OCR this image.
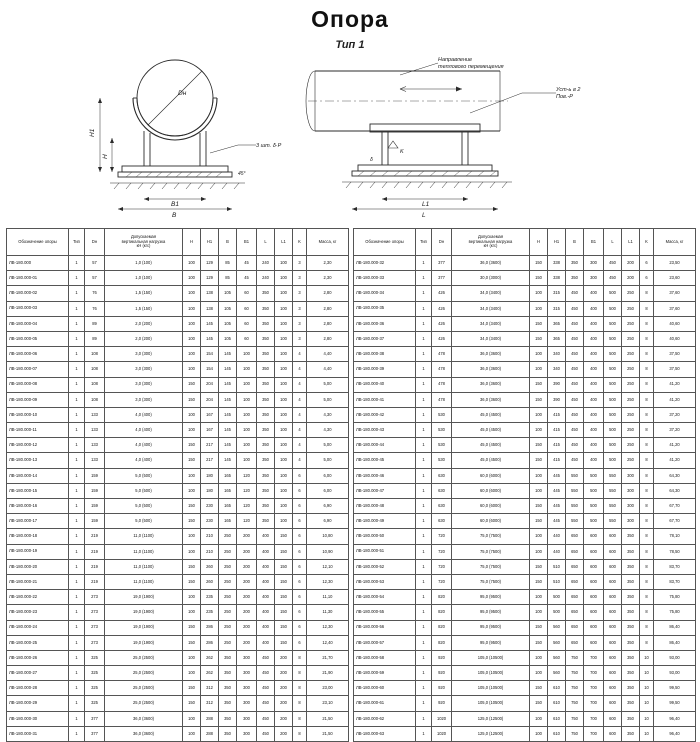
Опора
Тип 1
Dн
H1
H
B1
B
L1
L
K
3 шт. δ·Р
Направление
теплового перемещения
Уст-ь в 2
Пов.-Р
45°
δ
Обозначение опоры	Тип	Dн	Допускаемая
вертикальная нагрузка
кН (кгс)	H	H1	B	B1	L	L1	K	Масса, кг
ЛВ-180.000	1	57	1,0 (100)	100	129	85	45	240	100	3	2,30
ЛВ-180.000-01	1	57	1,0 (100)	100	129	85	45	240	100	3	2,30
ЛВ-180.000-02	1	76	1,5 (150)	100	138	105	60	350	100	3	2,80
ЛВ-180.000-03	1	76	1,5 (150)	100	138	105	60	350	100	3	2,80
ЛВ-180.000-04	1	89	2,0 (200)	100	145	105	60	350	100	3	2,80
ЛВ-180.000-05	1	89	2,0 (200)	100	145	105	60	350	100	3	2,80
ЛВ-180.000-06	1	108	3,0 (300)	100	154	145	100	350	100	4	4,40
ЛВ-180.000-07	1	108	3,0 (300)	100	154	145	100	350	100	4	4,40
ЛВ-180.000-08	1	108	3,0 (300)	150	204	145	100	350	100	4	5,00
ЛВ-180.000-09	1	108	3,0 (300)	150	204	145	100	350	100	4	5,00
ЛВ-180.000-10	1	133	4,0 (400)	100	167	145	100	350	100	4	4,30
ЛВ-180.000-11	1	133	4,0 (400)	100	167	145	100	350	100	4	4,30
ЛВ-180.000-12	1	133	4,0 (400)	150	217	145	100	350	100	4	5,00
ЛВ-180.000-13	1	133	4,0 (400)	150	217	145	100	350	100	4	5,00
ЛВ-180.000-14	1	159	5,0 (500)	100	180	165	120	350	100	6	6,00
ЛВ-180.000-15	1	159	5,0 (500)	100	180	165	120	350	100	6	6,00
ЛВ-180.000-16	1	159	5,0 (500)	150	230	165	120	350	100	6	6,90
ЛВ-180.000-17	1	159	5,0 (500)	150	230	165	120	350	100	6	6,90
ЛВ-180.000-18	1	219	11,0 (1100)	100	210	250	200	400	150	6	10,80
ЛВ-180.000-19	1	219	11,0 (1100)	100	210	250	200	400	150	6	10,90
ЛВ-180.000-20	1	219	11,0 (1100)	150	260	250	200	400	150	6	12,10
ЛВ-180.000-21	1	219	11,0 (1100)	150	260	250	200	400	150	6	12,30
ЛВ-180.000-22	1	273	19,0 (1900)	100	235	250	200	400	150	6	11,10
ЛВ-180.000-23	1	273	19,0 (1900)	100	235	250	200	400	150	6	11,30
ЛВ-180.000-24	1	273	19,0 (1900)	150	286	250	200	400	150	6	12,30
ЛВ-180.000-25	1	273	19,0 (1900)	150	286	250	200	400	150	6	12,40
ЛВ-180.000-26	1	325	25,0 (2500)	100	262	350	300	450	200	8	21,70
ЛВ-180.000-27	1	325	25,0 (2500)	100	262	350	300	450	200	8	21,90
ЛВ-180.000-28	1	325	25,0 (2500)	150	312	350	300	450	200	8	23,00
ЛВ-180.000-29	1	325	25,0 (2500)	150	312	350	300	450	200	8	23,10
ЛВ-180.000-30	1	377	36,0 (3600)	100	288	350	300	450	200	8	21,50
ЛВ-180.000-31	1	377	36,0 (3600)	100	288	350	300	450	200	8	21,50
Обозначение опоры	Тип	Dн	Допускаемая
вертикальная нагрузка
кН (кгс)	H	H1	B	B1	L	L1	K	Масса, кг
ЛВ-180.000-32	1	377	36,0 (3600)	150	338	350	300	450	200	6	23,50
ЛВ-180.000-33	1	377	30,0 (3000)	150	338	350	300	450	200	6	23,60
ЛВ-180.000-34	1	426	34,0 (3400)	100	315	450	400	500	250	8	37,60
ЛВ-180.000-35	1	426	34,0 (3400)	100	315	450	400	500	250	8	37,60
ЛВ-180.000-36	1	426	34,0 (3400)	150	365	450	400	500	250	8	40,60
ЛВ-180.000-37	1	426	34,0 (3400)	150	365	450	400	500	250	8	40,60
ЛВ-180.000-38	1	478	36,0 (3600)	100	340	450	400	500	250	8	37,50
ЛВ-180.000-39	1	478	36,0 (3600)	100	340	450	400	500	250	8	37,50
ЛВ-180.000-40	1	478	36,0 (3600)	150	390	450	400	500	250	8	41,20
ЛВ-180.000-41	1	478	36,0 (3600)	150	390	450	400	500	250	8	41,20
ЛВ-180.000-42	1	530	45,0 (4500)	100	415	450	400	500	250	8	37,20
ЛВ-180.000-43	1	530	45,0 (4500)	100	415	450	400	500	250	8	37,20
ЛВ-180.000-44	1	530	45,0 (4500)	150	415	450	400	500	250	8	41,20
ЛВ-180.000-45	1	530	45,0 (4500)	150	415	450	400	500	250	8	41,20
ЛВ-180.000-46	1	630	60,0 (6000)	100	445	550	500	550	300	8	64,30
ЛВ-180.000-47	1	630	60,0 (6000)	100	445	550	500	550	300	8	64,30
ЛВ-180.000-48	1	630	60,0 (6000)	150	445	550	500	550	300	8	67,70
ЛВ-180.000-49	1	630	60,0 (6000)	150	445	550	500	550	300	8	67,70
ЛВ-180.000-50	1	720	75,0 (7500)	100	440	650	600	600	350	8	78,10
ЛВ-180.000-51	1	720	75,0 (7500)	100	440	650	600	600	350	8	78,50
ЛВ-180.000-52	1	720	75,0 (7500)	150	510	650	600	600	350	8	83,70
ЛВ-180.000-53	1	720	75,0 (7500)	150	510	650	600	600	350	8	83,70
ЛВ-180.000-54	1	820	95,0 (9500)	100	500	650	600	600	350	8	75,80
ЛВ-180.000-55	1	820	95,0 (9500)	100	500	650	600	600	350	8	75,80
ЛВ-180.000-56	1	820	95,0 (9500)	150	560	650	600	600	350	8	86,40
ЛВ-180.000-57	1	820	95,0 (9500)	150	560	650	600	600	350	8	86,40
ЛВ-180.000-58	1	920	105,0 (10500)	100	560	750	700	600	350	10	93,00
ЛВ-180.000-59	1	920	105,0 (10500)	100	560	750	700	600	350	10	93,00
ЛВ-180.000-60	1	920	105,0 (10500)	150	610	750	700	600	350	10	99,50
ЛВ-180.000-61	1	920	105,0 (10500)	150	610	750	700	600	350	10	99,50
ЛВ-180.000-62	1	1020	125,0 (12500)	100	610	750	700	600	350	10	96,40
ЛВ-180.000-63	1	1020	125,0 (12500)	100	610	750	700	600	350	10	96,40
